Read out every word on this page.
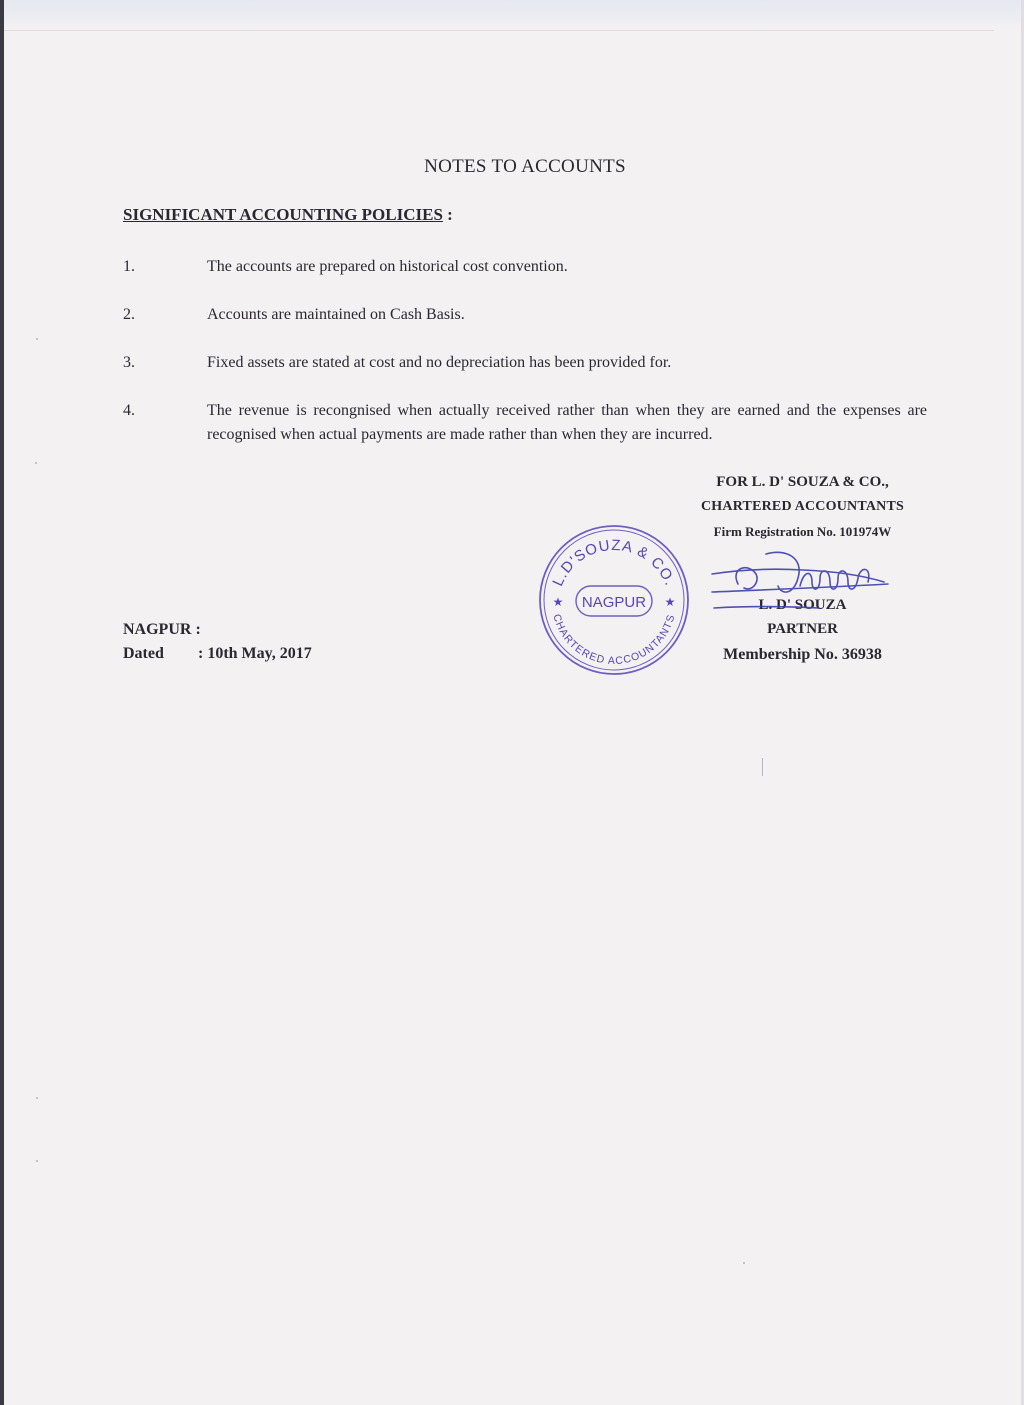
NOTES TO ACCOUNTS
SIGNIFICANT ACCOUNTING POLICIES :
1.	The accounts are prepared on historical cost convention.
2.	Accounts are maintained on Cash Basis.
3.	Fixed assets are stated at cost and no depreciation has been provided for.
4.	The revenue is recongnised when actually received rather than when they are earned and the expenses are recognised when actual payments are made rather than when they are incurred.
L.D'SOUZA & CO.
CHARTERED ACCOUNTANTS
★	★
NAGPUR
FOR L. D' SOUZA & CO.,
CHARTERED ACCOUNTANTS
Firm Registration No. 101974W
L. D' SOUZA
PARTNER
Membership No. 36938
NAGPUR :
Dated : 10th May, 2017
